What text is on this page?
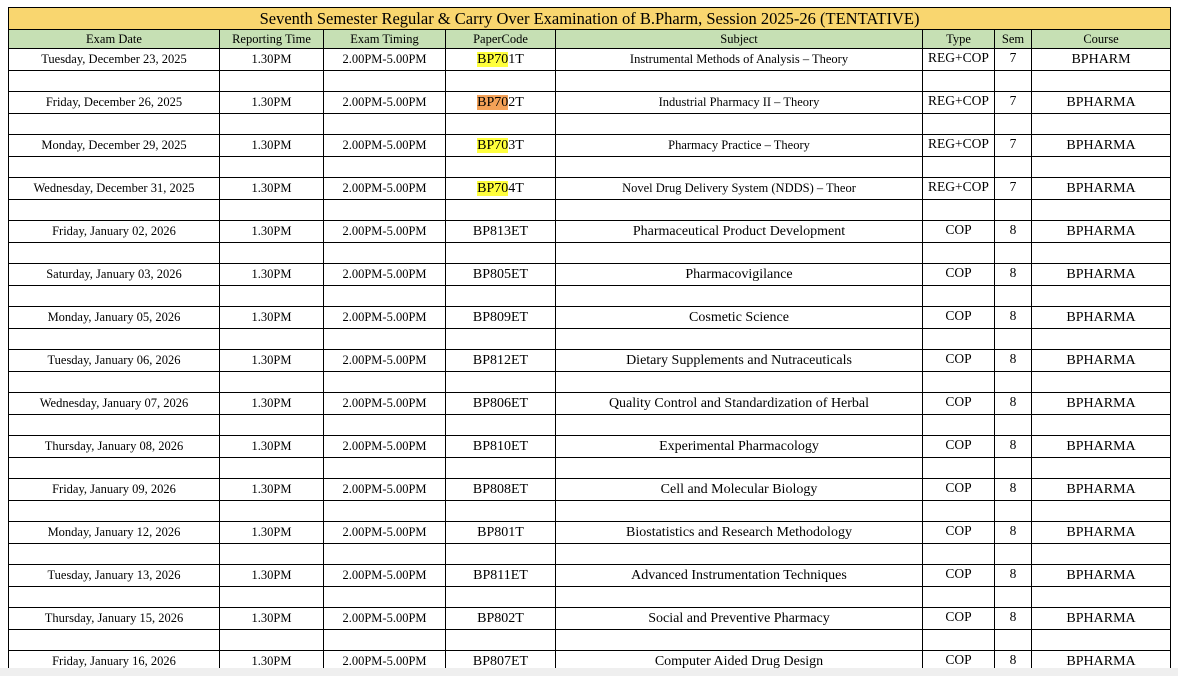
Seventh Semester Regular & Carry Over Examination of B.Pharm, Session 2025-26 (TENTATIVE)							
Exam Date	Reporting Time	Exam Timing	PaperCode	Subject	Type	Sem	Course
Tuesday, December 23, 2025	1.30PM	2.00PM-5.00PM	BP701T	Instrumental Methods of Analysis – Theory	REG+COP	7	BPHARM

Friday, December 26, 2025	1.30PM	2.00PM-5.00PM	BP702T	Industrial Pharmacy II – Theory	REG+COP	7	BPHARMA

Monday, December 29, 2025	1.30PM	2.00PM-5.00PM	BP703T	Pharmacy Practice – Theory	REG+COP	7	BPHARMA

Wednesday, December 31, 2025	1.30PM	2.00PM-5.00PM	BP704T	Novel Drug Delivery System (NDDS) – Theor	REG+COP	7	BPHARMA

Friday, January 02, 2026	1.30PM	2.00PM-5.00PM	BP813ET	Pharmaceutical Product Development	COP	8	BPHARMA

Saturday, January 03, 2026	1.30PM	2.00PM-5.00PM	BP805ET	Pharmacovigilance	COP	8	BPHARMA

Monday, January 05, 2026	1.30PM	2.00PM-5.00PM	BP809ET	Cosmetic Science	COP	8	BPHARMA

Tuesday, January 06, 2026	1.30PM	2.00PM-5.00PM	BP812ET	Dietary Supplements and Nutraceuticals	COP	8	BPHARMA

Wednesday, January 07, 2026	1.30PM	2.00PM-5.00PM	BP806ET	Quality Control and Standardization of Herbal	COP	8	BPHARMA

Thursday, January 08, 2026	1.30PM	2.00PM-5.00PM	BP810ET	Experimental Pharmacology	COP	8	BPHARMA

Friday, January 09, 2026	1.30PM	2.00PM-5.00PM	BP808ET	Cell and Molecular Biology	COP	8	BPHARMA

Monday, January 12, 2026	1.30PM	2.00PM-5.00PM	BP801T	Biostatistics and Research Methodology	COP	8	BPHARMA

Tuesday, January 13, 2026	1.30PM	2.00PM-5.00PM	BP811ET	Advanced Instrumentation Techniques	COP	8	BPHARMA

Thursday, January 15, 2026	1.30PM	2.00PM-5.00PM	BP802T	Social and Preventive Pharmacy	COP	8	BPHARMA

Friday, January 16, 2026	1.30PM	2.00PM-5.00PM	BP807ET	Computer Aided Drug Design	COP	8	BPHARMA
